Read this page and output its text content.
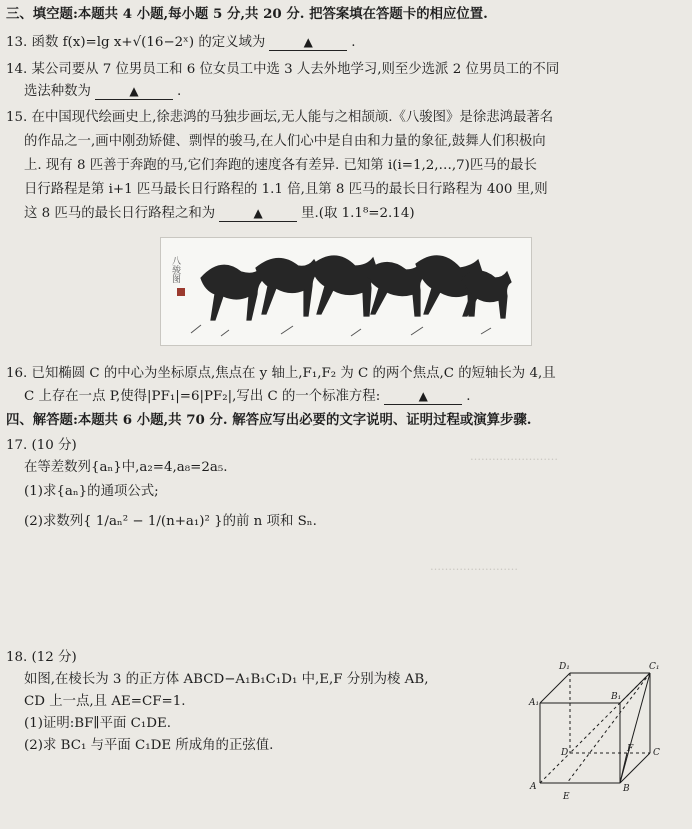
三、填空题:本题共 4 小题,每小题 5 分,共 20 分. 把答案填在答题卡的相应位置.
13. 函数 f(x)=lg x+√(16−2ˣ) 的定义域为	▲	.
14. 某公司要从 7 位男员工和 6 位女员工中选 3 人去外地学习,则至少选派 2 位男员工的不同
选法种数为	▲	.
15. 在中国现代绘画史上,徐悲鸿的马独步画坛,无人能与之相颉颃.《八骏图》是徐悲鸿最著名
的作品之一,画中刚劲矫健、剽悍的骏马,在人们心中是自由和力量的象征,鼓舞人们积极向
上. 现有 8 匹善于奔跑的马,它们奔跑的速度各有差异. 已知第 i(i=1,2,…,7)匹马的最长
日行路程是第 i+1 匹马最长日行路程的 1.1 倍,且第 8 匹马的最长日行路程为 400 里,则
这 8 匹马的最长日行路程之和为	▲	里.(取 1.1⁸=2.14)
八骏图
16. 已知椭圆 C 的中心为坐标原点,焦点在 y 轴上,F₁,F₂ 为 C 的两个焦点,C 的短轴长为 4,且
C 上存在一点 P,使得|PF₁|=6|PF₂|,写出 C 的一个标准方程:	▲	.
四、解答题:本题共 6 小题,共 70 分. 解答应写出必要的文字说明、证明过程或演算步骤.
17. (10 分)
在等差数列{aₙ}中,a₂=4,a₈=2a₅.
(1)求{aₙ}的通项公式;
(2)求数列{ 1/aₙ² − 1/(n+a₁)² }的前 n 项和 Sₙ.
……………………
……………………
18. (12 分)
如图,在棱长为 3 的正方体 ABCD−A₁B₁C₁D₁ 中,E,F 分别为棱 AB,
CD 上一点,且 AE=CF=1.
(1)证明:BF∥平面 C₁DE.
(2)求 BC₁ 与平面 C₁DE 所成角的正弦值.
D₁	C₁
A₁
B₁
D	F C
A
E
B
